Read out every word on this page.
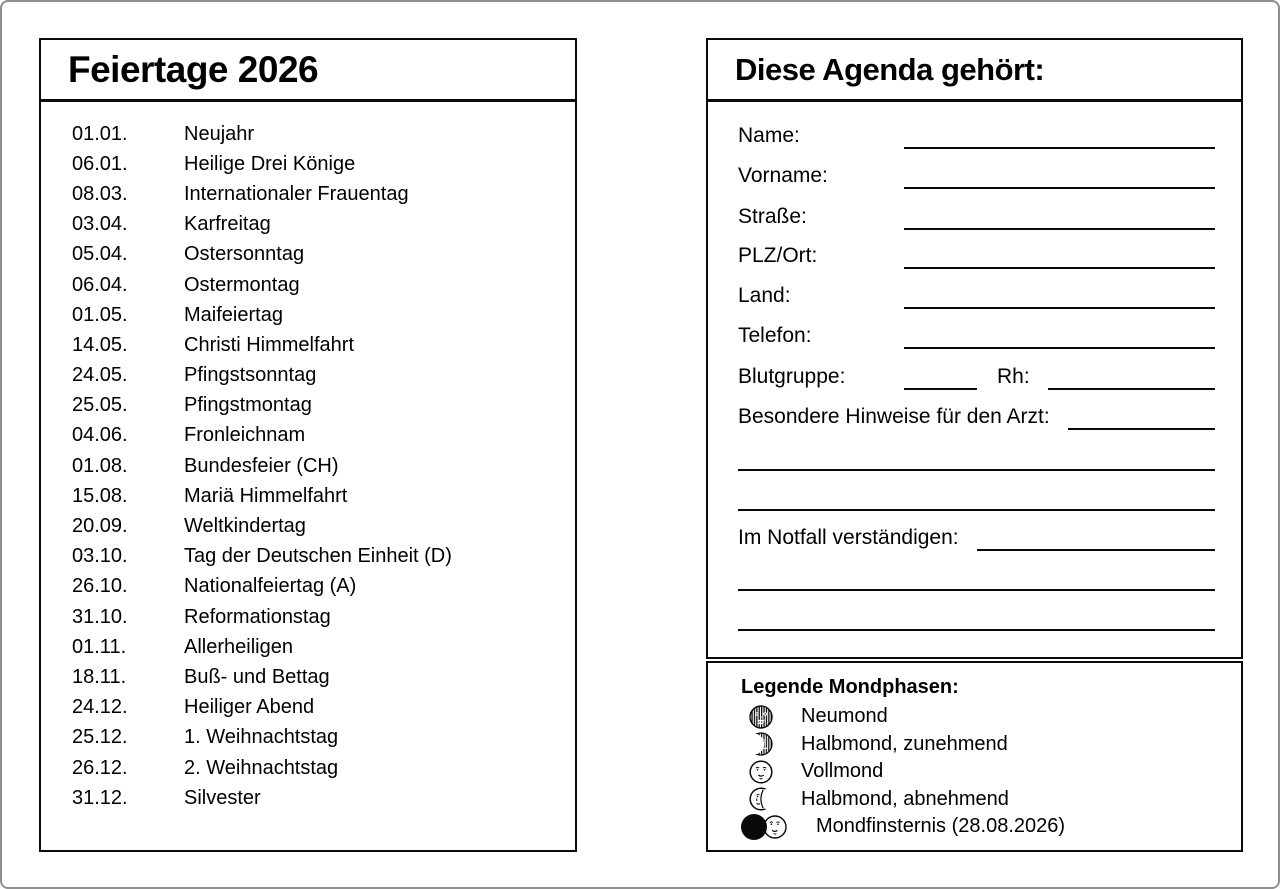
Feiertage 2026
01.01.	Neujahr
06.01.	Heilige Drei Könige
08.03.	Internationaler Frauentag
03.04.	Karfreitag
05.04.	Ostersonntag
06.04.	Ostermontag
01.05.	Maifeiertag
14.05.	Christi Himmelfahrt
24.05.	Pfingstsonntag
25.05.	Pfingstmontag
04.06.	Fronleichnam
01.08.	Bundesfeier (CH)
15.08.	Mariä Himmelfahrt
20.09.	Weltkindertag
03.10.	Tag der Deutschen Einheit (D)
26.10.	Nationalfeiertag (A)
31.10.	Reformationstag
01.11.	Allerheiligen
18.11.	Buß- und Bettag
24.12.	Heiliger Abend
25.12.	1. Weihnachtstag
26.12.	2. Weihnachtstag
31.12.	Silvester
Diese Agenda gehört:
Name:
Vorname:
Straße:
PLZ/Ort:
Land:
Telefon:
Blutgruppe:	Rh:
Besondere Hinweise für den Arzt:
Im Notfall verständigen:
Legende Mondphasen:
Neumond
Halbmond, zunehmend
Vollmond
Halbmond, abnehmend
Mondfinsternis (28.08.2026)
